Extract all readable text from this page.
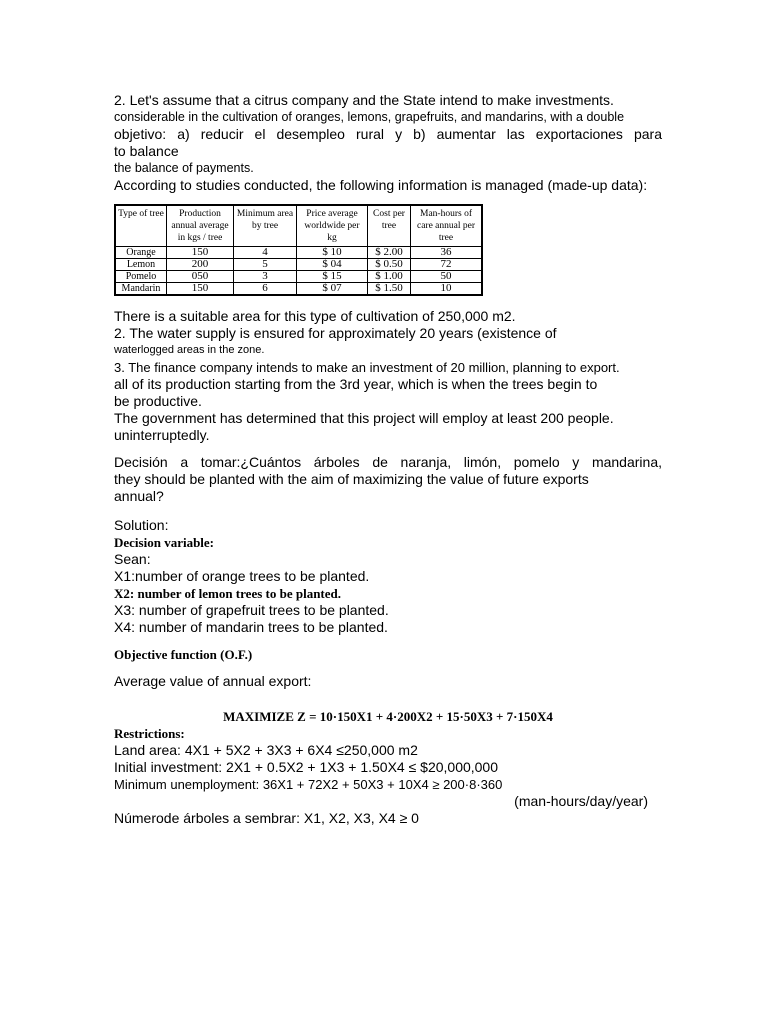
2. Let's assume that a citrus company and the State intend to make investments.

considerable in the cultivation of oranges, lemons, grapefruits, and mandarins, with a double

objetivo: a) reducir el desempleo rural y b) aumentar las exportaciones para

to balance

the balance of payments.

According to studies conducted, the following information is managed (made-up data):

Type of tree	Production annual average in kgs / tree	Minimum area by tree	Price average worldwide per kg	Cost per tree	Man-hours of care annual per tree
Orange	150	4	$ 10	$ 2.00	36
Lemon	200	5	$ 04	$ 0.50	72
Pomelo	050	3	$ 15	$ 1.00	50
Mandarin	150	6	$ 07	$ 1.50	10

There is a suitable area for this type of cultivation of 250,000 m2.

2. The water supply is ensured for approximately 20 years (existence of

waterlogged areas in the zone.

3. The finance company intends to make an investment of 20 million, planning to export.

all of its production starting from the 3rd year, which is when the trees begin to

be productive.

The government has determined that this project will employ at least 200 people.

uninterruptedly.

Decisión a tomar:¿Cuántos árboles de naranja, limón, pomelo y mandarina,

they should be planted with the aim of maximizing the value of future exports

annual?

Solution:

Decision variable:

Sean:

X1:number of orange trees to be planted.

X2: number of lemon trees to be planted.

X3: number of grapefruit trees to be planted.

X4: number of mandarin trees to be planted.

Objective function (O.F.)

Average value of annual export:

MAXIMIZE Z = 10·150X1 + 4·200X2 + 15·50X3 + 7·150X4

Restrictions:

Land area: 4X1 + 5X2 + 3X3 + 6X4 ≤250,000 m2

Initial investment: 2X1 + 0.5X2 + 1X3 + 1.50X4 ≤ $20,000,000

Minimum unemployment: 36X1 + 72X2 + 50X3 + 10X4 ≥ 200·8·360

(man-hours/day/year)

Númerode árboles a sembrar: X1, X2, X3, X4 ≥ 0
